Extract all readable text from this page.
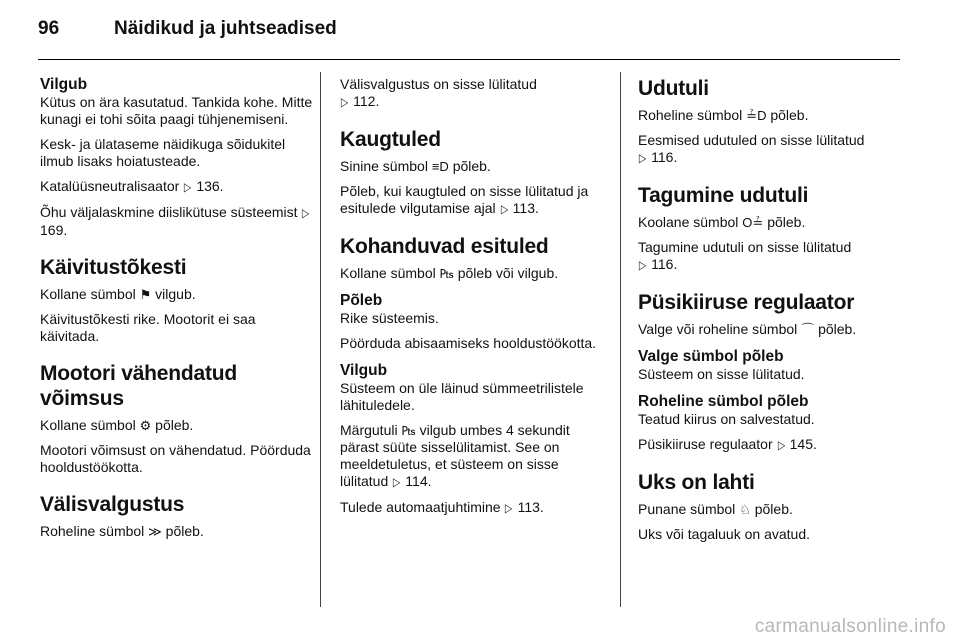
96	Näidikud ja juhtseadised
Vilgub

Kütus on ära kasutatud. Tankida kohe. Mitte kunagi ei tohi sõita paagi tühjenemiseni.

Kesk- ja ülataseme näidikuga sõidukitel ilmub lisaks hoiatusteade.

Katalüüsneutralisaator ▷ 136.

Õhu väljalaskmine diislikütuse süsteemist ▷ 169.

Käivitustõkesti

Kollane sümbol ⚑ vilgub.

Käivitustõkesti rike. Mootorit ei saa käivitada.

Mootori vähendatud võimsus

Kollane sümbol ⚙ põleb.

Mootori võimsust on vähendatud. Pöörduda hooldustöökotta.

Välisvalgustus

Roheline sümbol ≫ põleb.

Välisvalgustus on sisse lülitatud
▷ 112.

Kaugtuled

Sinine sümbol ≡D põleb.

Põleb, kui kaugtuled on sisse lülitatud ja esitulede vilgutamise ajal ▷ 113.

Kohanduvad esituled

Kollane sümbol ₧ põleb või vilgub.

Põleb

Rike süsteemis.

Pöörduda abisaamiseks hooldustöökotta.

Vilgub

Süsteem on üle läinud sümmeetrilistele lähituledele.

Märgutuli ₧ vilgub umbes 4 sekundit pärast süüte sisselülitamist. See on meeldetuletus, et süsteem on sisse lülitatud ▷ 114.

Tulede automaatjuhtimine ▷ 113.

Udutuli

Roheline sümbol ≟D põleb.

Eesmised udutuled on sisse lülitatud
▷ 116.

Tagumine udutuli

Koolane sümbol O≟ põleb.

Tagumine udutuli on sisse lülitatud
▷ 116.

Püsikiiruse regulaator

Valge või roheline sümbol ⌒ põleb.

Valge sümbol põleb

Süsteem on sisse lülitatud.

Roheline sümbol põleb

Teatud kiirus on salvestatud.

Püsikiiruse regulaator ▷ 145.

Uks on lahti

Punane sümbol ♘ põleb.

Uks või tagaluuk on avatud.

carmanualsonline.info
